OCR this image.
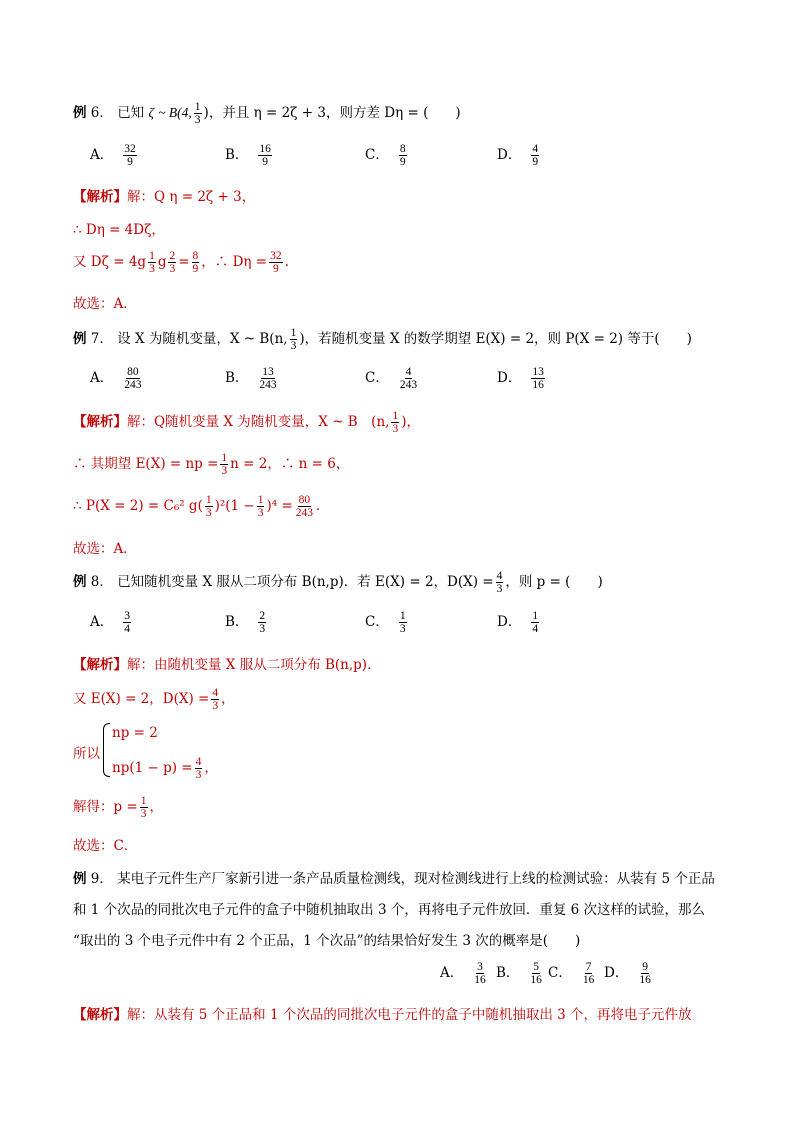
例 6． 已知 ζ ~ B(4, $\frac{1}{3}$ )，并且 η = 2ζ + 3，则方差 Dη = (　　)
A． $\frac{32}{9}$	B． $\frac{16}{9}$	C． $\frac{8}{9}$	D． $\frac{4}{9}$
【解析】解：Q η = 2ζ + 3，
∴ Dη = 4Dζ，
又 $D\zeta = 4g \frac{1}{3}$ g $\frac{2}{3} = \frac{8}{9}$ ，∴ $D\eta = \frac{32}{9}$ .
故选：A．
例 7． 设 X 为随机变量，X ~ B(n, $\frac{1}{3}$ )，若随机变量 X 的数学期望 E(X) = 2，则 P(X = 2) 等于(　　)
A． $\frac{80}{243}$	B． $\frac{13}{243}$	C． $\frac{4}{243}$	D． $\frac{13}{16}$
【解析】解：Q随机变量 X 为随机变量，X ~ B　(n, $\frac{1}{3}$ )，
∴ 其期望 E(X) = np = $\frac{1}{3}$ n = 2，∴ n = 6，
∴ P(X = 2) = C₆² $g( \frac{1}{3} )^2(1 - \frac{1}{3} )^4 = \frac{80}{243}$ ．
故选：A．
例 8． 已知随机变量 X 服从二项分布 B(n,p)．若 E(X) = 2，$D(X) = \frac{4}{3}$ ，则 p = (　　)
A． $\frac{3}{4}$	B． $\frac{2}{3}$	C． $\frac{1}{3}$	D． $\frac{1}{4}$
【解析】解：由随机变量 X 服从二项分布 B(n,p)．
又 E(X) = 2，$D(X) = \frac{4}{3}$ ，
所以
np = 2
$np(1 - p) = \frac{4}{3}$ ，
解得：$p = \frac{1}{3}$ ，
故选：C．
例 9． 某电子元件生产厂家新引进一条产品质量检测线，现对检测线进行上线的检测试验：从装有 5 个正品
和 1 个次品的同批次电子元件的盒子中随机抽取出 3 个，再将电子元件放回．重复 6 次这样的试验，那么
“取出的 3 个电子元件中有 2 个正品，1 个次品”的结果恰好发生 3 次的概率是(　　)
A． $\frac{3}{16}$ B． $\frac{5}{16}$ C． $\frac{7}{16}$ D． $\frac{9}{16}$
【解析】解：从装有 5 个正品和 1 个次品的同批次电子元件的盒子中随机抽取出 3 个，再将电子元件放
